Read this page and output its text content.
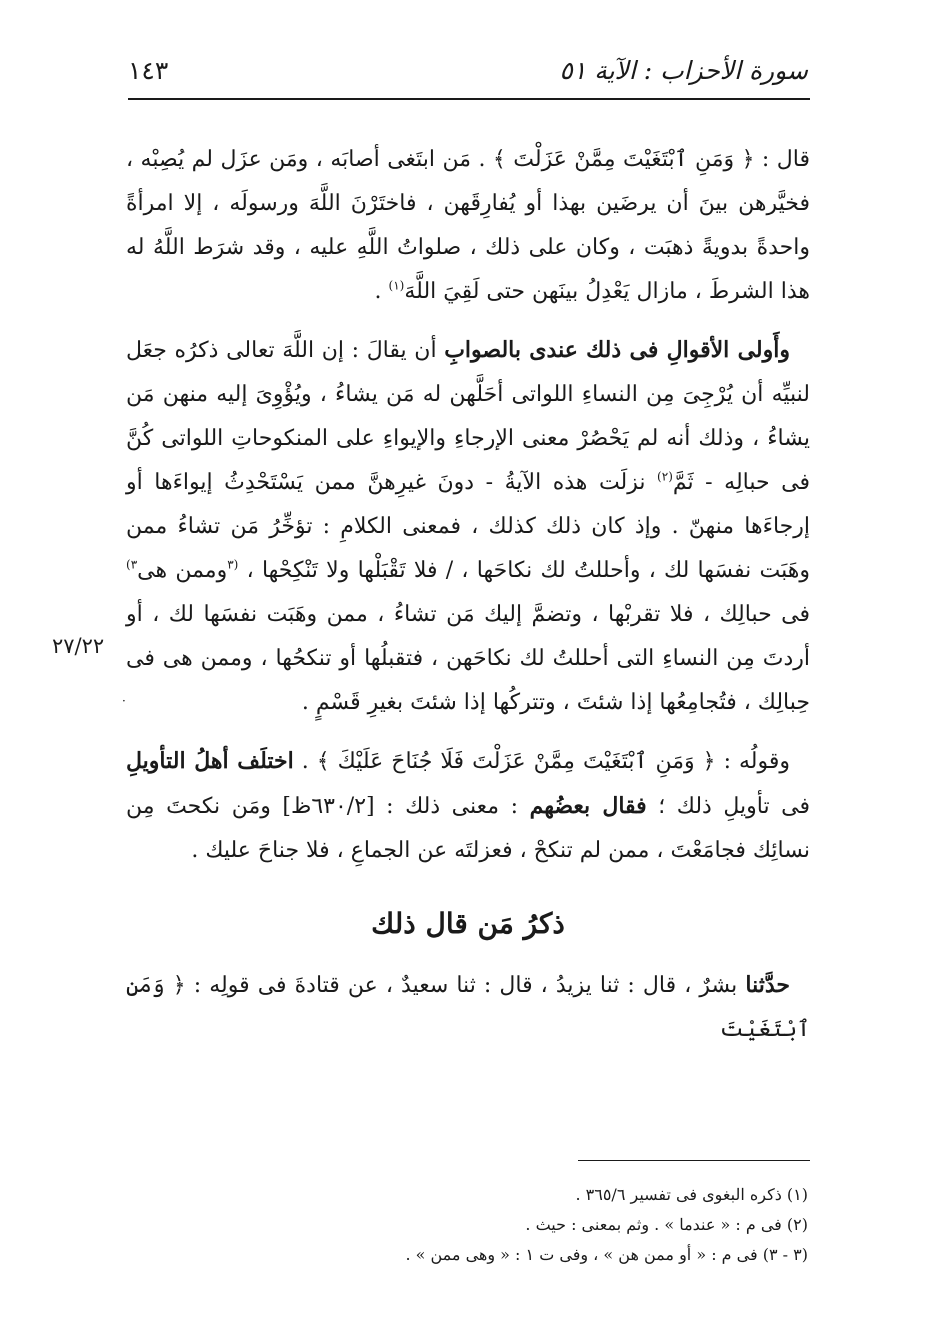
سورة الأحزاب : الآية ٥١
١٤٣
٢٧/٢٢
·

قال : ﴿ وَمَنِ ٱبْتَغَيْتَ مِمَّنْ عَزَلْتَ ﴾ . مَن ابتَغى أصابَه ، ومَن عزَل لم يُصِبْه ، فخيَّرهن بينَ أن يرضَين بهذا أو يُفارِقَهن ، فاختَرْنَ اللَّهَ ورسولَه ، إلا امرأةً واحدةً بدويةً ذهبَت ، وكان على ذلك ، صلواتُ اللَّهِ عليه ، وقد شرَط اللَّهُ له هذا الشرطَ ، مازال يَعْدِلُ بينَهن حتى لَقِيَ اللَّهَ$^{(١)}$ .

وأَولى الأقوالِ فى ذلك عندى بالصوابِ أن يقالَ : إن اللَّهَ تعالى ذكرُه جعَل لنبيِّه أن يُرْجِىَ مِن النساءِ اللواتى أحَلَّهن له مَن يشاءُ ، ويُؤْوِىَ إليه منهن مَن يشاءُ ، وذلك أنه لم يَحْصُرْ معنى الإرجاءِ والإيواءِ على المنكوحاتِ اللواتى كُنَّ فى حبالِه - ثَمَّ$^{(٢)}$ نزلَت هذه الآيةُ - دونَ غيرِهنَّ ممن يَسْتَحْدِثُ إيواءَها أو إرجاءَها منهنّ . وإذ كان ذلك كذلك ، فمعنى الكلامِ : تؤخِّرُ مَن تشاءُ ممن وهَبَت نفسَها لك ، وأحللتُ لك نكاحَها ، / فلا تَقْبَلْها ولا تَنْكِحْها ، $^{(٣}$وممن هى$^{٣)}$ فى حبالِك ، فلا تقربْها ، وتضمَّ إليك مَن تشاءُ ، ممن وهَبَت نفسَها لك ، أو أردتَ مِن النساءِ التى أحللتُ لك نكاحَهن ، فتقبلُها أو تنكحُها ، وممن هى فى حِبالِك ، فتُجامِعُها إذا شئتَ ، وتتركُها إذا شئتَ بغيرِ قَسْمٍ .

وقولُه : ﴿ وَمَنِ ٱبْتَغَيْتَ مِمَّنْ عَزَلْتَ فَلَا جُنَاحَ عَلَيْكَ ﴾ . اختلَف أهلُ التأويلِ فى تأويلِ ذلك ؛ فقال بعضُهم : معنى ذلك : [٦٣٠/٢ظ] ومَن نكحتَ مِن نسائِك فجامَعْتَ ، ممن لم تنكحْ ، فعزلتَه عن الجماعِ ، فلا جناحَ عليك .

ذكرُ مَن قال ذلك

حدَّثنا بشرٌ ، قال : ثنا يزيدُ ، قال : ثنا سعيدٌ ، عن قتادةَ فى قولِه : ﴿ وَمَنِ ٱبْتَغَيْتَ

(١) ذكره البغوى فى تفسير ٣٦٥/٦ .
(٢) فى م : « عندما » . وثم بمعنى : حيث .
(٣ - ٣) فى م : « أو ممن هن » ، وفى ت ١ : « وهى ممن » .
